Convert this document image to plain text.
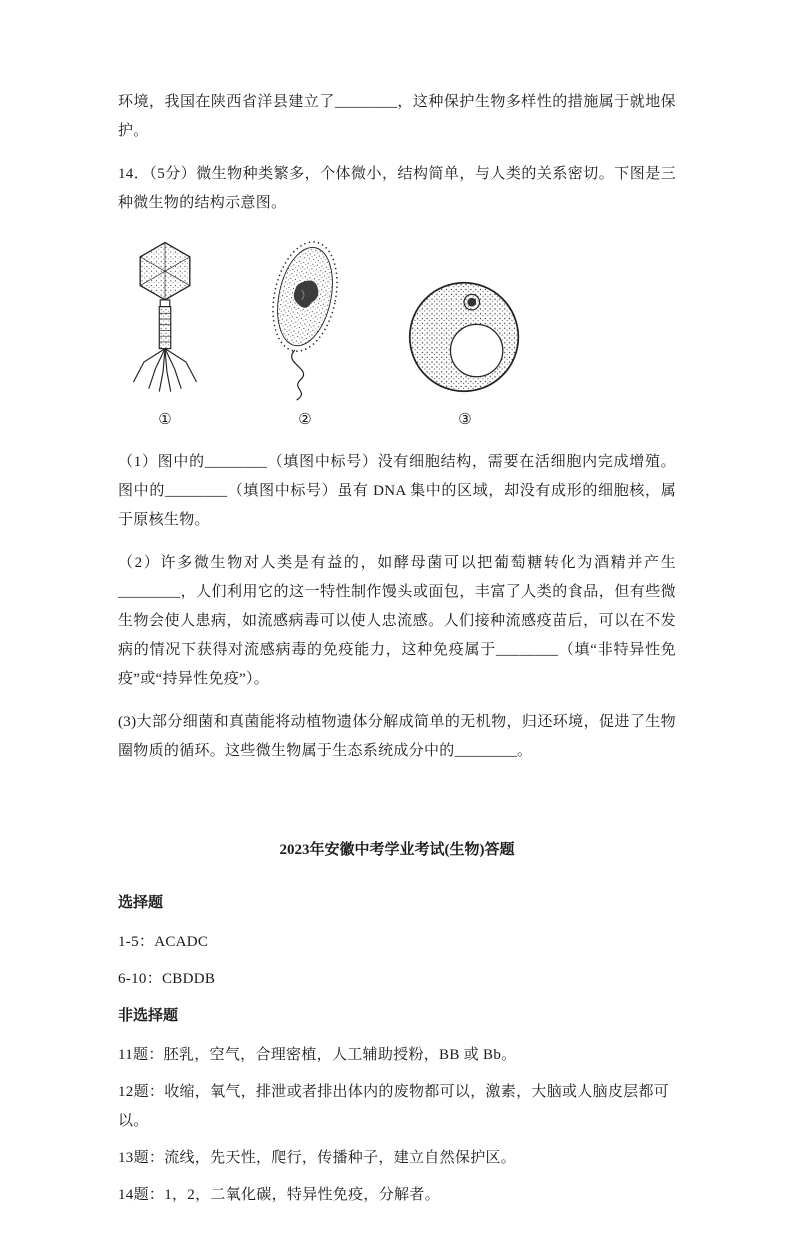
环境，我国在陕西省洋县建立了________，这种保护生物多样性的措施属于就地保护。

14．（5分）微生物种类繁多，个体微小，结构简单，与人类的关系密切。下图是三种微生物的结构示意图。

①	②	③

（1）图中的________（填图中标号）没有细胞结构，需要在活细胞内完成增殖。图中的________（填图中标号）虽有 DNA 集中的区域，却没有成形的细胞核，属于原核生物。

（2）许多微生物对人类是有益的，如酵母菌可以把葡萄糖转化为酒精并产生________，人们利用它的这一特性制作馒头或面包，丰富了人类的食品，但有些微生物会使人患病，如流感病毒可以使人忠流感。人们接种流感疫苗后，可以在不发病的情况下获得对流感病毒的免疫能力，这种免疫属于________（填“非特异性免疫”或“持异性免疫”）。

(3)大部分细菌和真菌能将动植物遗体分解成简单的无机物，归还环境，促进了生物圈物质的循环。这些微生物属于生态系统成分中的________。

2023年安徽中考学业考试(生物)答题
选择题

1-5：ACADC

6-10：CBDDB

非选择题

11题：胚乳，空气，合理密植，人工辅助授粉，BB 或 Bb。

12题：收缩，氧气，排泄或者排出体内的废物都可以，激素，大脑或人脑皮层都可以。

13题：流线，先天性，爬行，传播种子，建立自然保护区。

14题：1，2，二氧化碳，特异性免疫，分解者。
